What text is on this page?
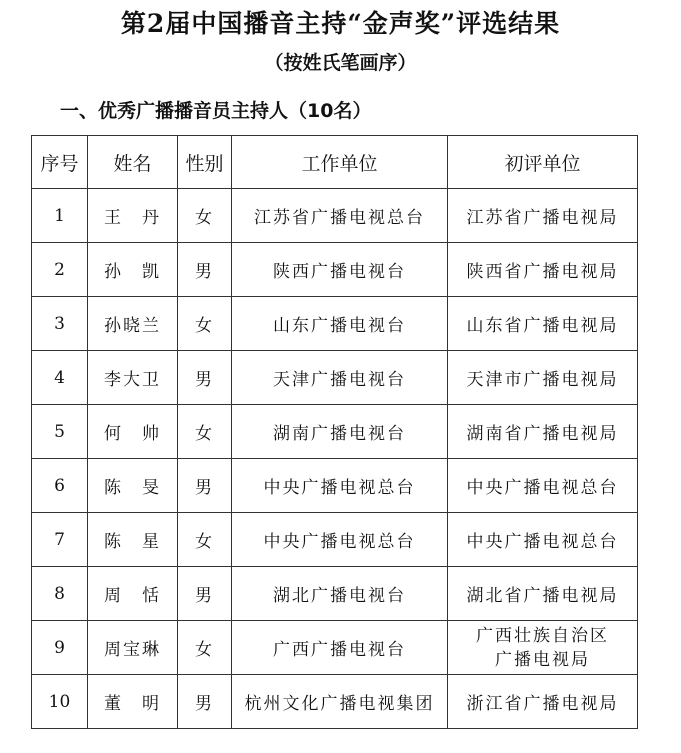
第2届中国播音主持“金声奖”评选结果
（按姓氏笔画序）
一、优秀广播播音员主持人（10名）
序号	姓名	性别	工作单位	初评单位
1	王　丹	女	江苏省广播电视总台	江苏省广播电视局
2	孙　凯	男	陕西广播电视台	陕西省广播电视局
3	孙晓兰	女	山东广播电视台	山东省广播电视局
4	李大卫	男	天津广播电视台	天津市广播电视局
5	何　帅	女	湖南广播电视台	湖南省广播电视局
6	陈　旻	男	中央广播电视总台	中央广播电视总台
7	陈　星	女	中央广播电视总台	中央广播电视总台
8	周　恬	男	湖北广播电视台	湖北省广播电视局
9	周宝琳	女	广西广播电视台	广西壮族自治区
广播电视局

10	董　明	男	杭州文化广播电视集团	浙江省广播电视局
